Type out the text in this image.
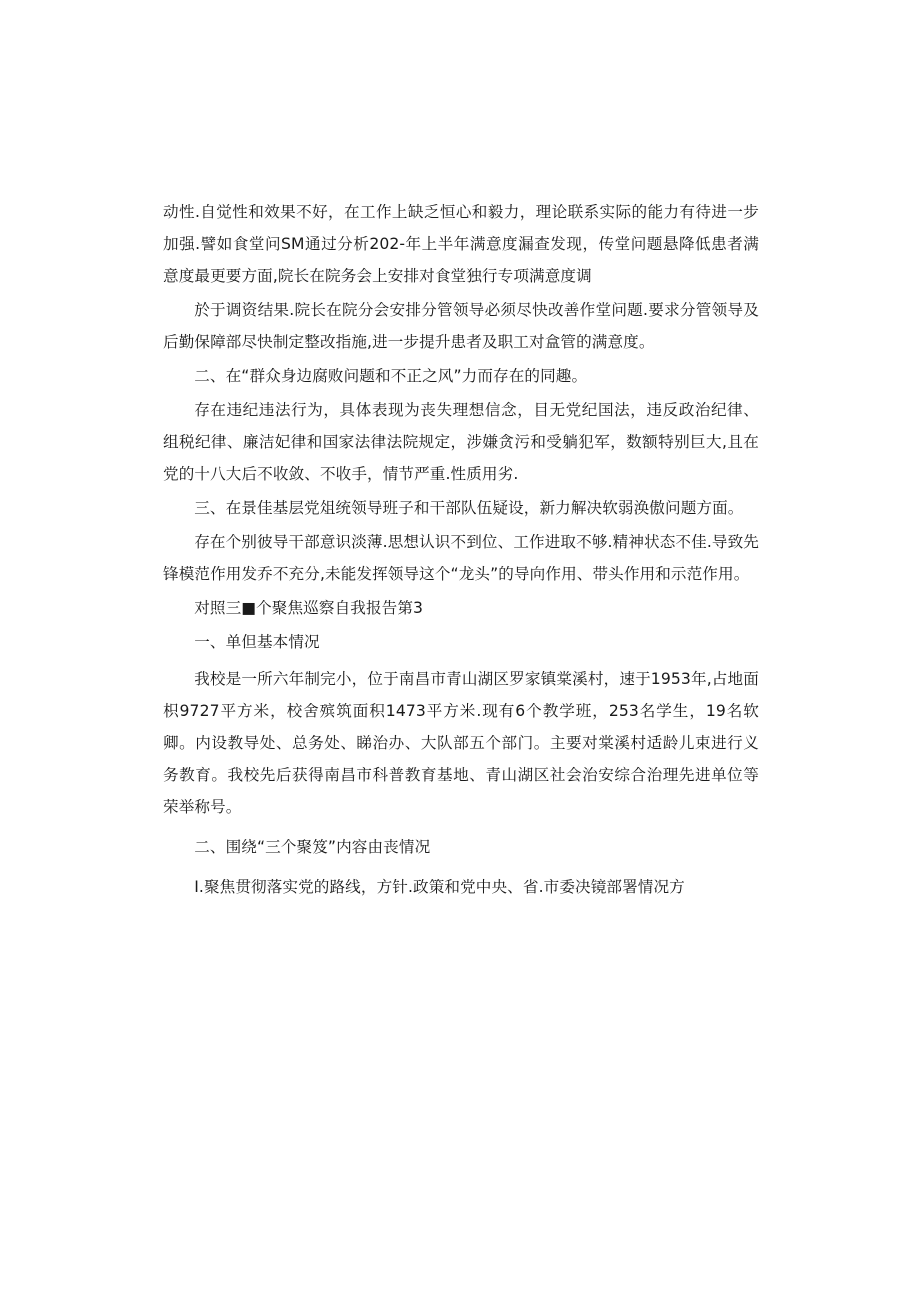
动性.自觉性和效果不好，在工作上缺乏恒心和毅力，理论联系实际的能力有待进一步加强.譬如食堂问SM通过分析202-年上半年满意度漏查发现，传堂问题悬降低患者满意度最更要方面,院长在院务会上安排对食堂独行专项满意度调

於于调资结果.院长在院分会安排分管领导必须尽快改善作堂问题.要求分管领导及后勤保障部尽快制定整改指施,进一步提升患者及职工对盒管的满意度。

二、在“群众身边腐败问题和不正之风”力而存在的同趣。

存在违纪违法行为，具体表现为丧失理想信念，目无党纪国法，违反政治纪律、组税纪律、廉洁妃律和国家法律法院规定，涉嫌贪污和受躺犯军，数额特别巨大,且在党的十八大后不收敛、不收手，情节严重.性质用劣.

三、在景佳基层党俎统领导班子和干部队伍疑设，新力解决软弱涣傲问题方面。

存在个别彼导干部意识淡薄.思想认识不到位、工作进取不够.精神状态不佳.导致先锋模范作用发乔不充分,未能发挥领导这个“龙头”的导向作用、带头作用和示范作用。

对照三■个聚焦巡察自我报告第3

一、单但基本情况

我校是一所六年制完小，位于南昌市青山湖区罗家镇棠溪村，速于1953年,占地面枳9727平方米，校舍殡筑面积1473平方米.现有6个教学班，253名学生，19名软卿。内设教导处、总务处、睇治办、大队部五个部门。主要对棠溪村适龄儿束进行义务教育。我校先后获得南昌市科普教育基地、青山湖区社会治安综合治理先进单位等荣举称号。

二、围绕“三个聚笈”内容由丧情况

I.聚焦贯彻落实党的路线，方针.政策和党中央、省.市委决镜部署情况方
